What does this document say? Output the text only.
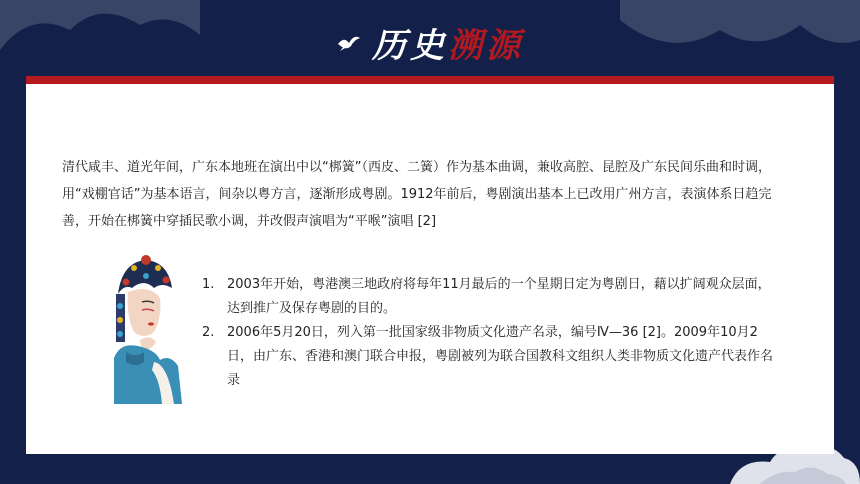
历史溯源
清代咸丰、道光年间，广东本地班在演出中以“梆簧”（西皮、二簧）作为基本曲调，兼收高腔、昆腔及广东民间乐曲和时调，用“戏棚官话”为基本语言，间杂以粤方言，逐渐形成粤剧。1912年前后，粤剧演出基本上已改用广州方言，表演体系日趋完善，开始在梆簧中穿插民歌小调，并改假声演唱为“平喉”演唱 [2]
1. 2003年开始，粤港澳三地政府将每年11月最后的一个星期日定为粤剧日，藉以扩阔观众层面，达到推广及保存粤剧的目的。
2. 2006年5月20日，列入第一批国家级非物质文化遗产名录，编号Ⅳ—36 [2]。2009年10月2日，由广东、香港和澳门联合申报，粤剧被列为联合国教科文组织人类非物质文化遗产代表作名录
